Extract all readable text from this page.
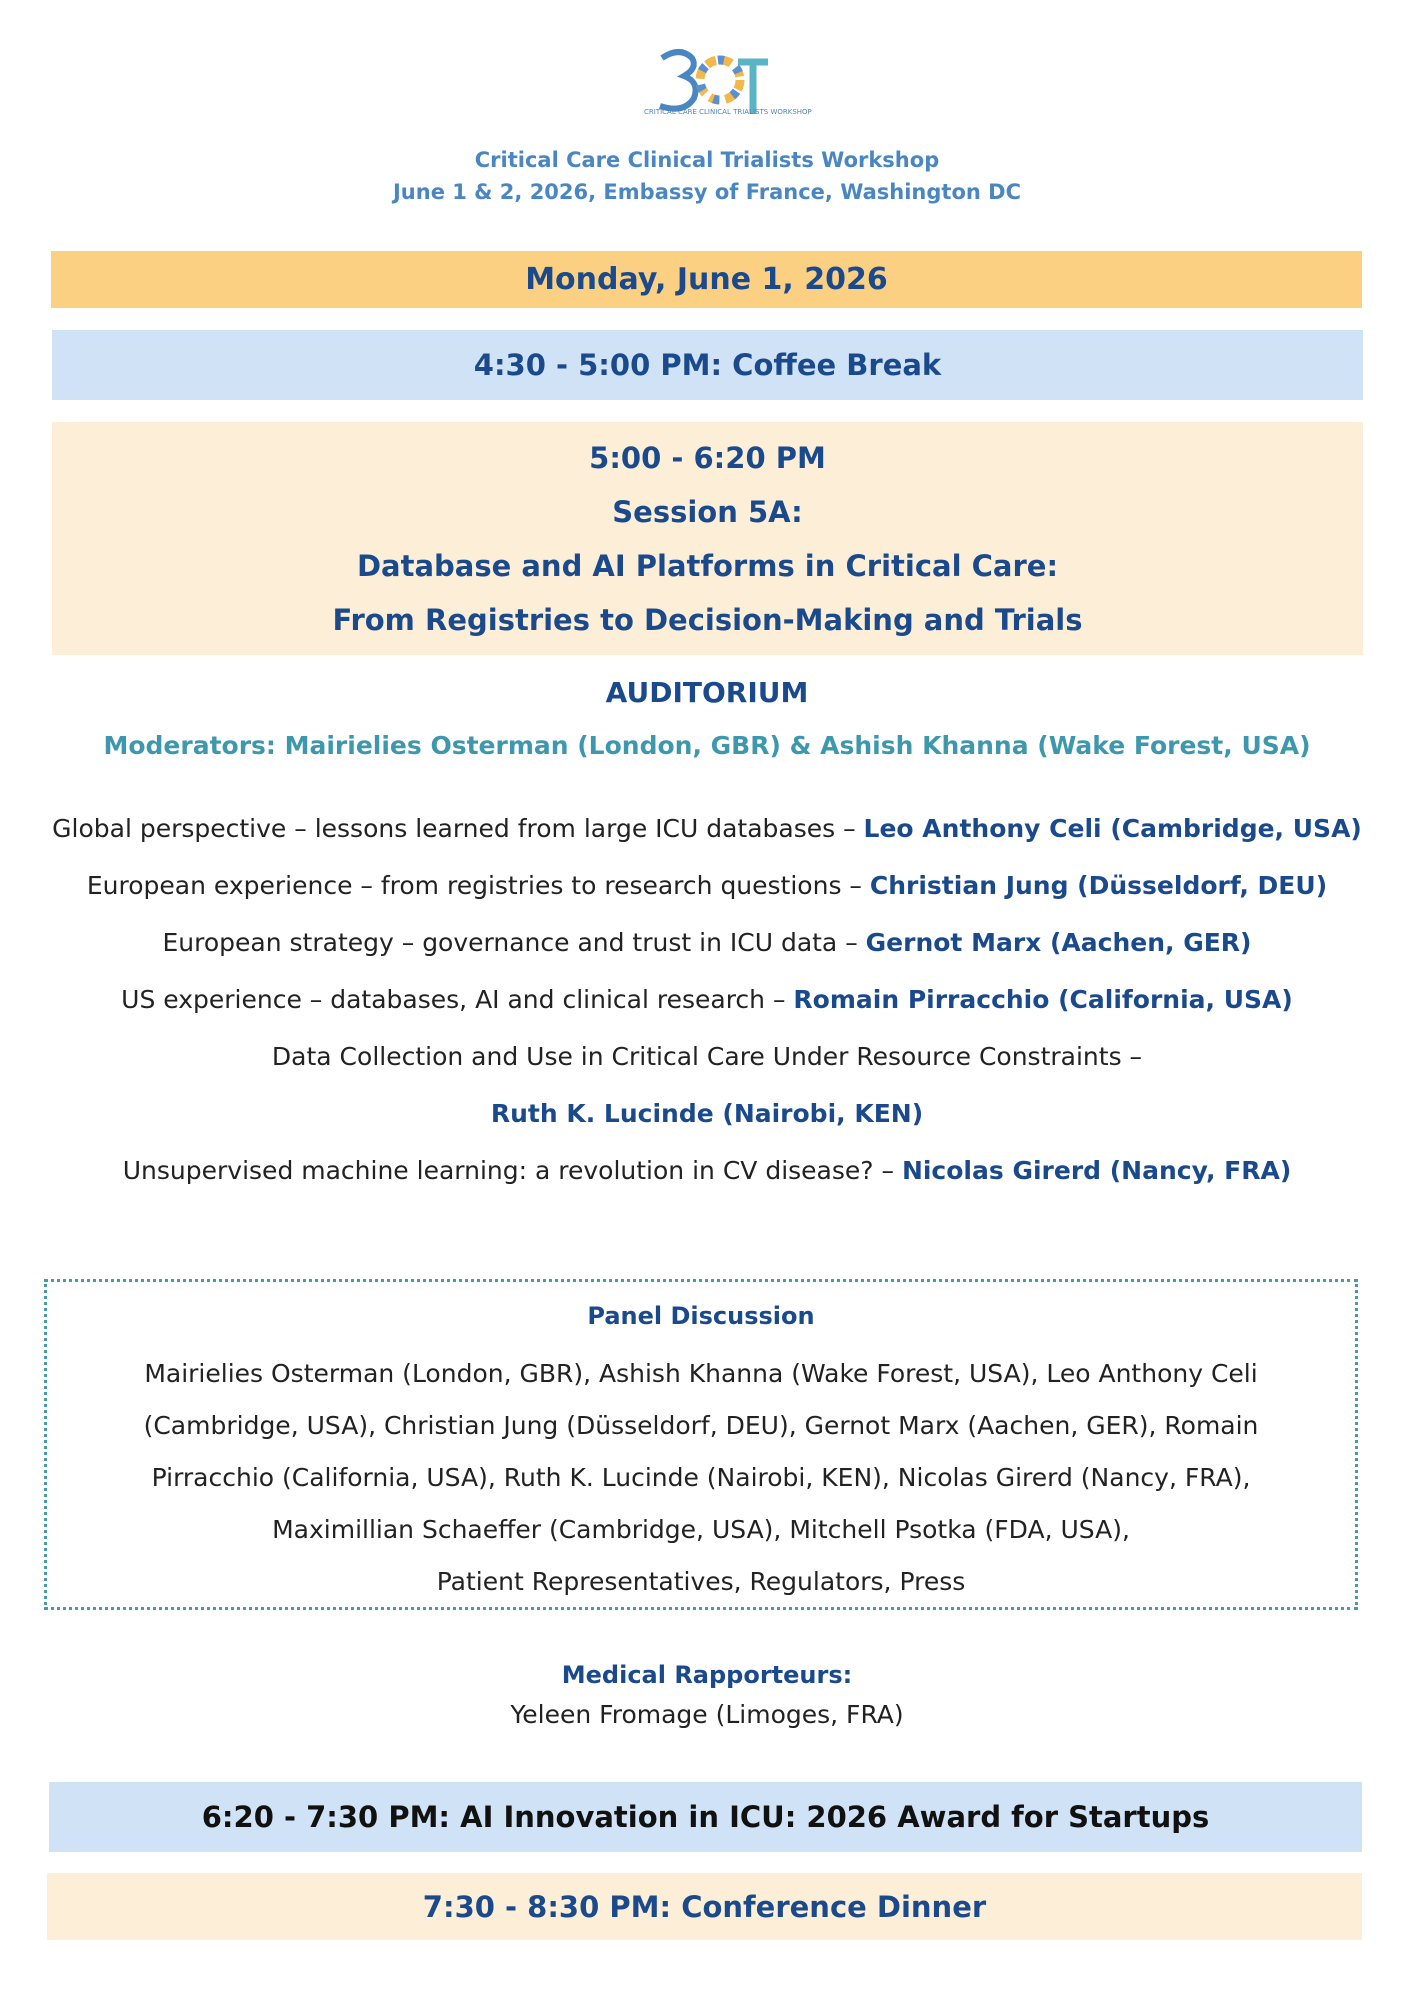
CRITICAL CARE CLINICAL TRIALISTS WORKSHOP
Critical Care Clinical Trialists Workshop
June 1 & 2, 2026, Embassy of France, Washington DC
Monday, June 1, 2026
4:30 - 5:00 PM: Coffee Break
5:00 - 6:20 PM
Session 5A:
Database and AI Platforms in Critical Care:
From Registries to Decision-Making and Trials
AUDITORIUM
Moderators: Mairielies Osterman (London, GBR) & Ashish Khanna (Wake Forest, USA)
Global perspective – lessons learned from large ICU databases – Leo Anthony Celi (Cambridge, USA)
European experience – from registries to research questions – Christian Jung (Düsseldorf, DEU)
European strategy – governance and trust in ICU data – Gernot Marx (Aachen, GER)
US experience – databases, AI and clinical research – Romain Pirracchio (California, USA)
Data Collection and Use in Critical Care Under Resource Constraints –
Ruth K. Lucinde (Nairobi, KEN)
Unsupervised machine learning: a revolution in CV disease? – Nicolas Girerd (Nancy, FRA)
Panel Discussion
Mairielies Osterman (London, GBR), Ashish Khanna (Wake Forest, USA), Leo Anthony Celi
(Cambridge, USA), Christian Jung (Düsseldorf, DEU), Gernot Marx (Aachen, GER), Romain
Pirracchio (California, USA), Ruth K. Lucinde (Nairobi, KEN), Nicolas Girerd (Nancy, FRA),
Maximillian Schaeffer (Cambridge, USA), Mitchell Psotka (FDA, USA),
Patient Representatives, Regulators, Press
Medical Rapporteurs:
Yeleen Fromage (Limoges, FRA)
6:20 - 7:30 PM: AI Innovation in ICU: 2026 Award for Startups
7:30 - 8:30 PM: Conference Dinner
